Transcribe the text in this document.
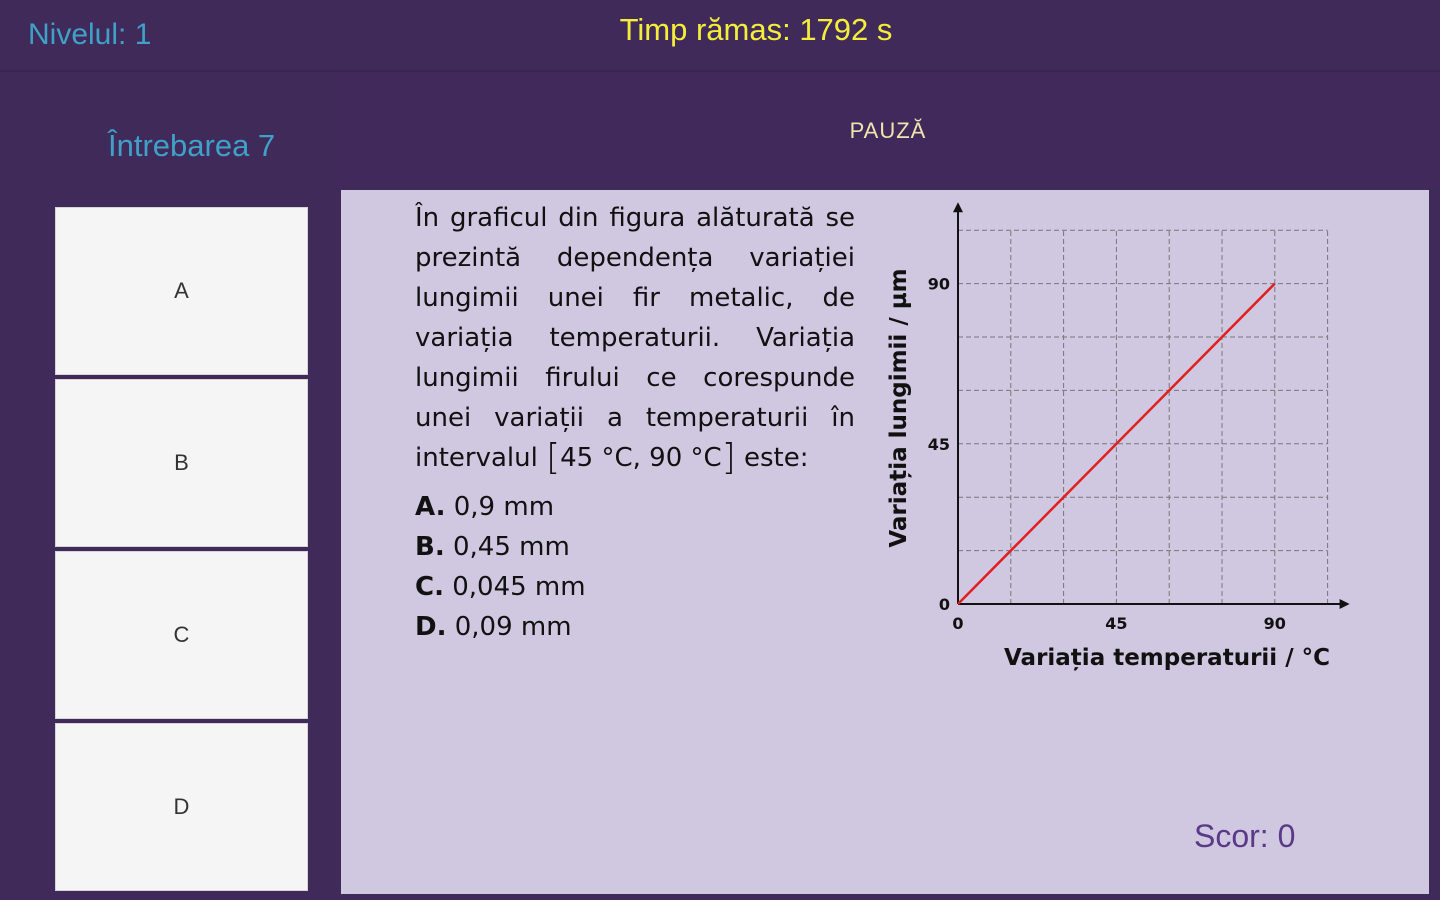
Nivelul: 1	Timp rămas: 1792 s
Întrebarea 7	PAUZĂ
A
B
C
D
În graficul din figura alăturată se prezintă dependența variației lungimii unei fir metalic, de variația temperaturii. Variația lungimii firului ce corespunde unei variații a temperaturii în intervalul [45 °C, 90 °C] este:
A. 0,9 mm
B. 0,45 mm
C. 0,045 mm
D. 0,09 mm	0	45	90
0
45
90
Variația temperaturii / °C
Variația lungimii / µm
Scor: 0
